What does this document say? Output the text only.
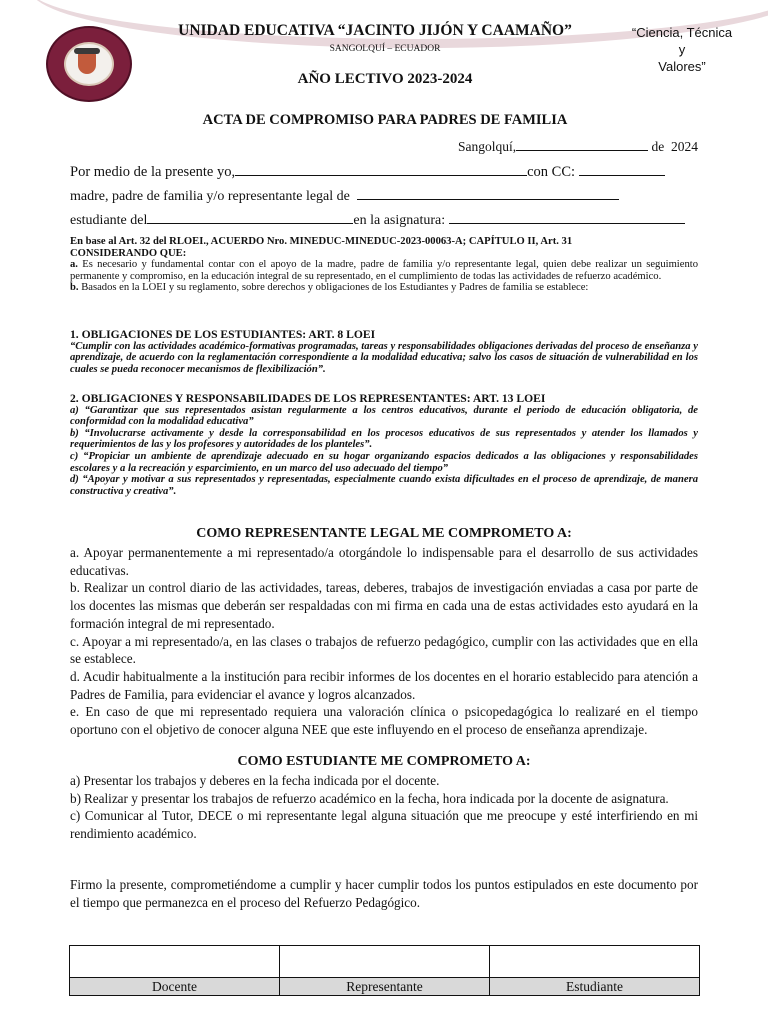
UNIDAD EDUCATIVA “JACINTO JIJÓN Y CAAMAÑO”
SANGOLQUÍ – ECUADOR
“Ciencia, Técnica y
Valores”
AÑO LECTIVO 2023-2024
ACTA DE COMPROMISO PARA PADRES DE FAMILIA
Sangolquí,	de 2024
Por medio de la presente yo,	con CC:
madre, padre de familia y/o representante legal de
estudiante del	en la asignatura:

En base al Art. 32 del RLOEI., ACUERDO Nro. MINEDUC-MINEDUC-2023-00063-A; CAPÍTULO II, Art. 31

CONSIDERANDO QUE:

a. Es necesario y fundamental contar con el apoyo de la madre, padre de familia y/o representante legal, quien debe realizar un seguimiento permanente y compromiso, en la educación integral de su representado, en el cumplimiento de todas las actividades de refuerzo académico.

b. Basados en la LOEI y su reglamento, sobre derechos y obligaciones de los Estudiantes y Padres de familia se establece:

1. OBLIGACIONES DE LOS ESTUDIANTES: ART. 8 LOEI

“Cumplir con las actividades académico-formativas programadas, tareas y responsabilidades obligaciones derivadas del proceso de enseñanza y aprendizaje, de acuerdo con la reglamentación correspondiente a la modalidad educativa; salvo los casos de situación de vulnerabilidad en los cuales se pueda reconocer mecanismos de flexibilización”.

2. OBLIGACIONES Y RESPONSABILIDADES DE LOS REPRESENTANTES: ART. 13 LOEI

a) “Garantizar que sus representados asistan regularmente a los centros educativos, durante el periodo de educación obligatoria, de conformidad con la modalidad educativa”

b) “Involucrarse activamente y desde la corresponsabilidad en los procesos educativos de sus representados y atender los llamados y requerimientos de las y los profesores y autoridades de los planteles”.

c) “Propiciar un ambiente de aprendizaje adecuado en su hogar organizando espacios dedicados a las obligaciones y responsabilidades escolares y a la recreación y esparcimiento, en un marco del uso adecuado del tiempo”

d) “Apoyar y motivar a sus representados y representadas, especialmente cuando exista dificultades en el proceso de aprendizaje, de manera constructiva y creativa”.

COMO REPRESENTANTE LEGAL ME COMPROMETO A:

a. Apoyar permanentemente a mi representado/a otorgándole lo indispensable para el desarrollo de sus actividades educativas.

b. Realizar un control diario de las actividades, tareas, deberes, trabajos de investigación enviadas a casa por parte de los docentes las mismas que deberán ser respaldadas con mi firma en cada una de estas actividades esto ayudará en la formación integral de mi representado.

c. Apoyar a mi representado/a, en las clases o trabajos de refuerzo pedagógico, cumplir con las actividades que en ella se establece.

d. Acudir habitualmente a la institución para recibir informes de los docentes en el horario establecido para atención a Padres de Familia, para evidenciar el avance y logros alcanzados.

e. En caso de que mi representado requiera una valoración clínica o psicopedagógica lo realizaré en el tiempo oportuno con el objetivo de conocer alguna NEE que este influyendo en el proceso de enseñanza aprendizaje.

COMO ESTUDIANTE ME COMPROMETO A:

a) Presentar los trabajos y deberes en la fecha indicada por el docente.

b) Realizar y presentar los trabajos de refuerzo académico en la fecha, hora indicada por la docente de asignatura.

c) Comunicar al Tutor, DECE o mi representante legal alguna situación que me preocupe y esté interfiriendo en mi rendimiento académico.

Firmo la presente, comprometiéndome a cumplir y hacer cumplir todos los puntos estipulados en este documento por el tiempo que permanezca en el proceso del Refuerzo Pedagógico.

Docente	Representante	Estudiante
